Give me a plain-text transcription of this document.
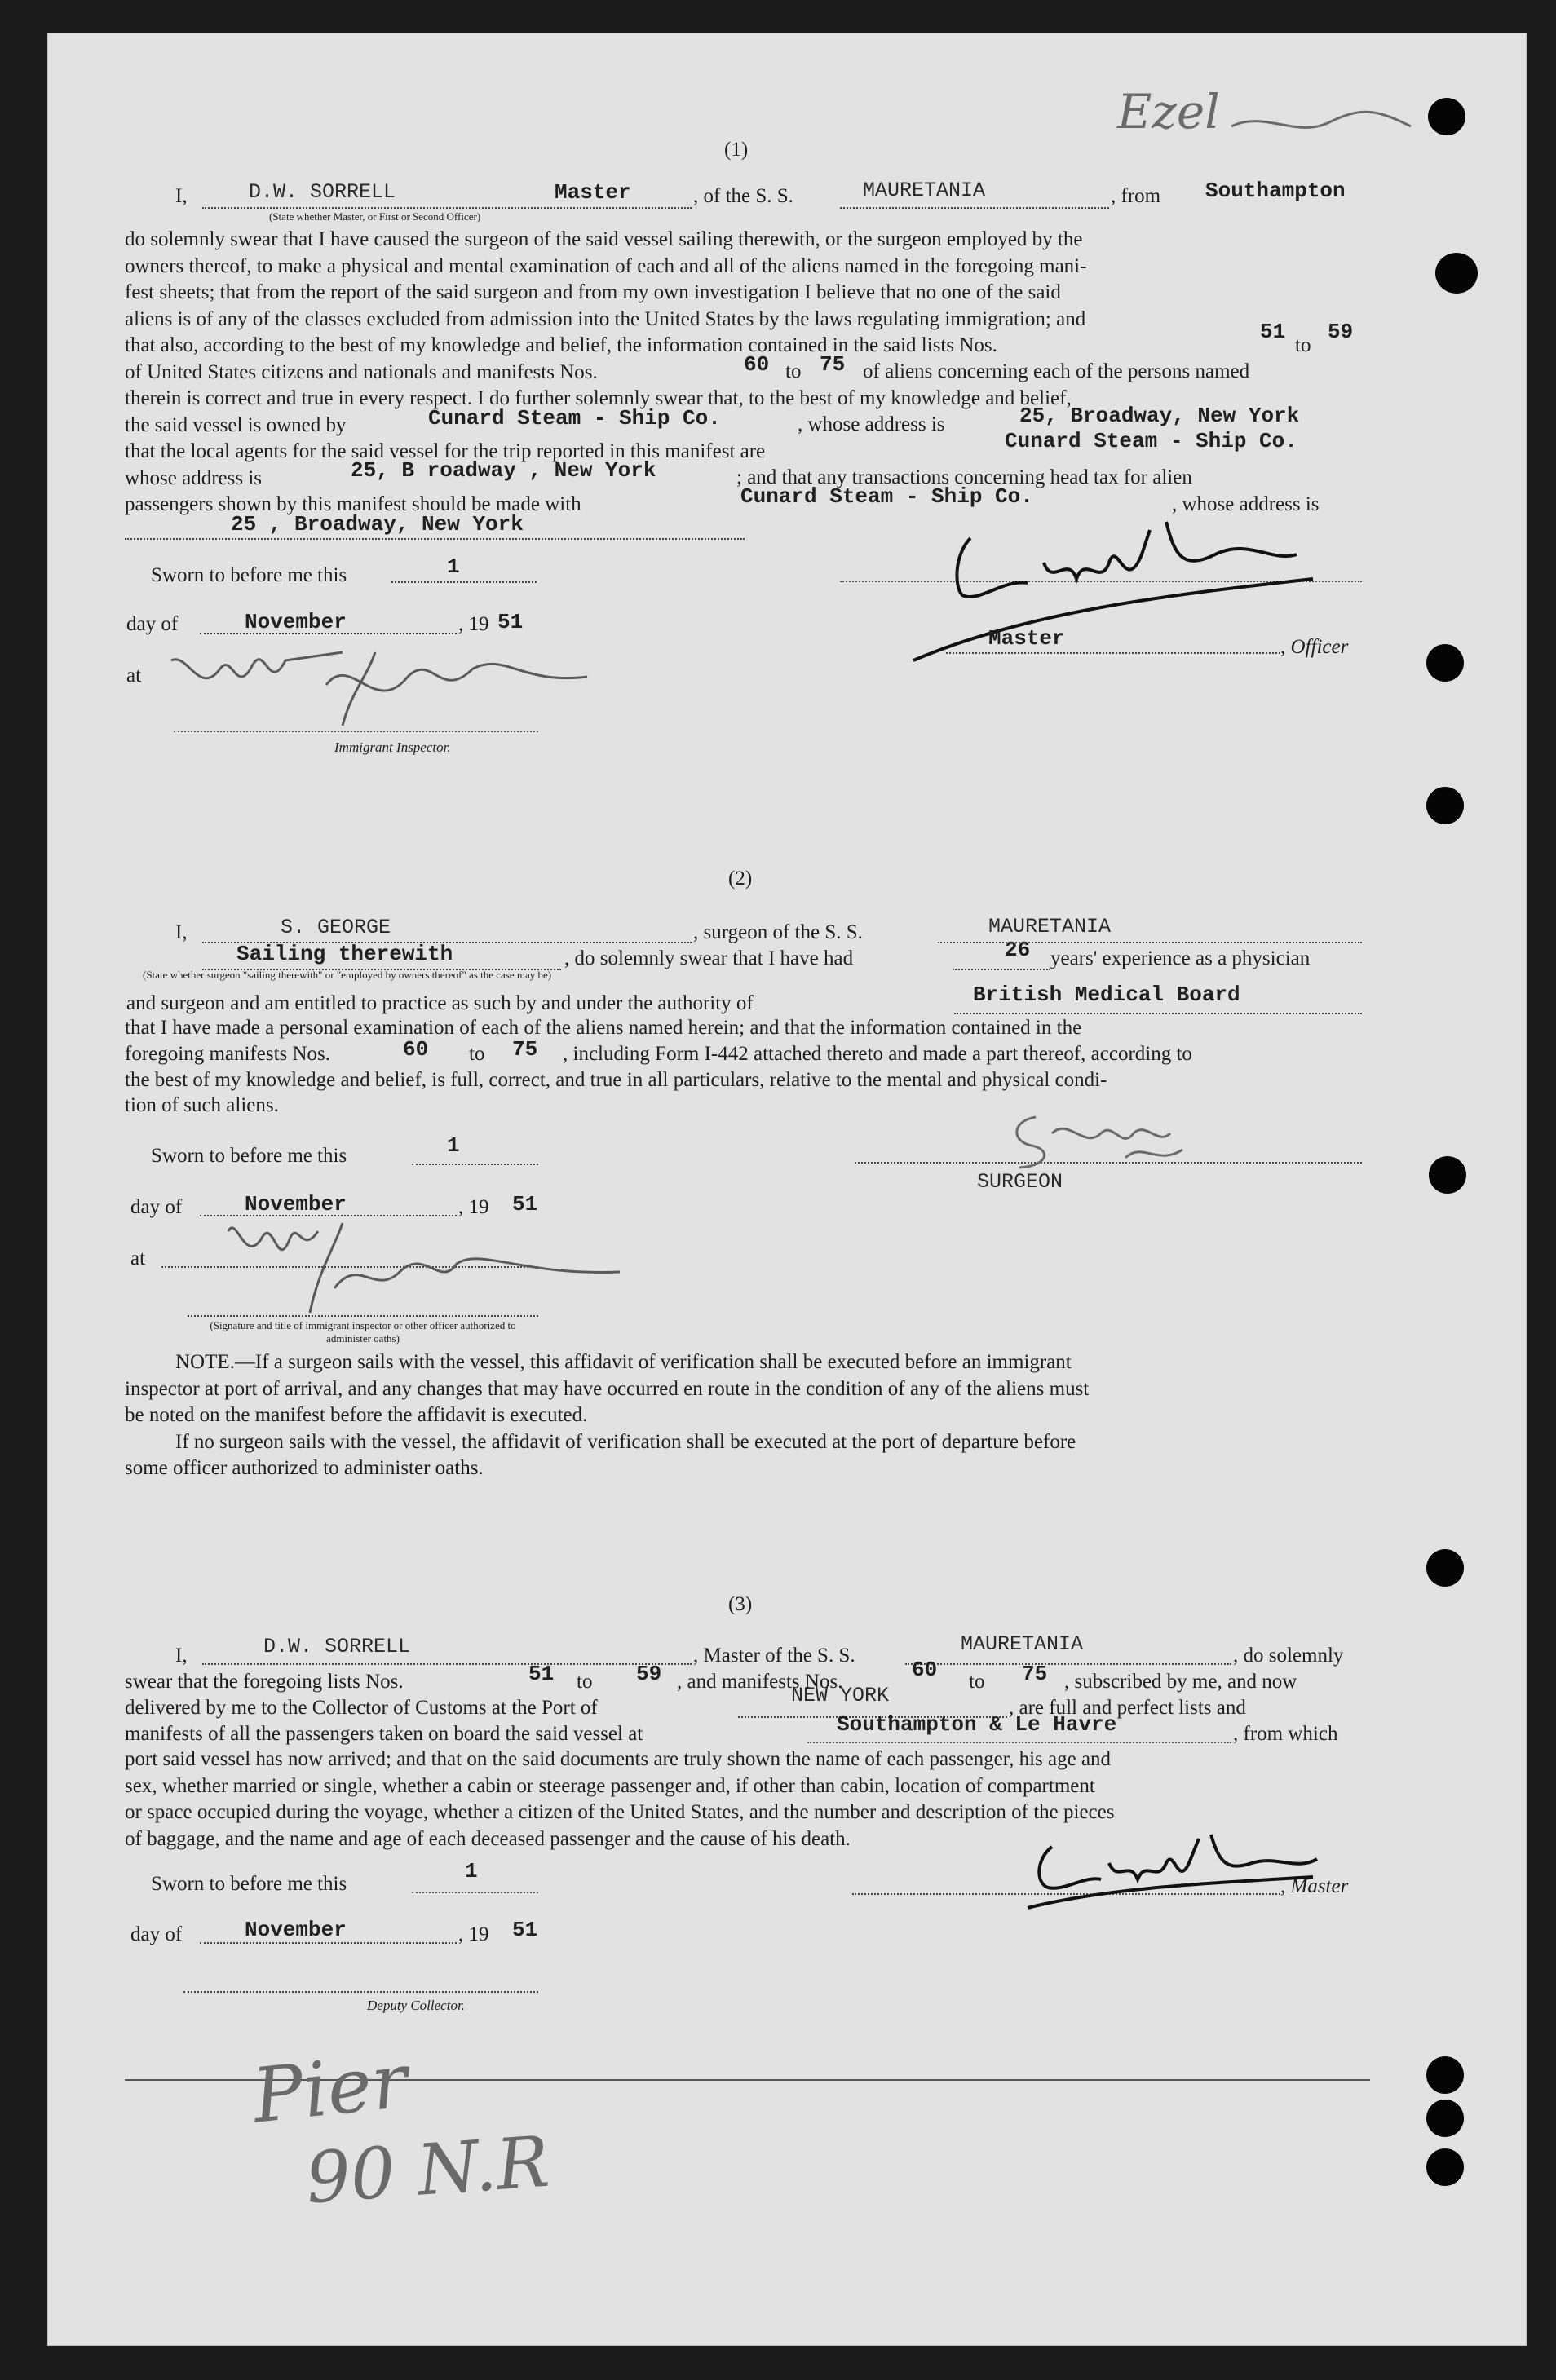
Ezel
(1)
I,	D.W. SORRELL	Master	, of the S. S.	MAURETANIA	, from Southampton
(State whether Master, or First or Second Officer)
do solemnly swear that I have caused the surgeon of the said vessel sailing therewith, or the surgeon employed by the
owners thereof, to make a physical and mental examination of each and all of the aliens named in the foregoing mani-
fest sheets; that from the report of the said surgeon and from my own investigation I believe that no one of the said
aliens is of any of the classes excluded from admission into the United States by the laws regulating immigration; and
that also, according to the best of my knowledge and belief, the information contained in the said lists Nos.
of United States citizens and nationals and manifests Nos.
therein is correct and true in every respect. I do further solemnly swear that, to the best of my knowledge and belief,
the said vessel is owned by
that the local agents for the said vessel for the trip reported in this manifest are
whose address is
passengers shown by this manifest should be made with
51
to
59
60 to 75 of aliens concerning each of the persons named
Cunard Steam - Ship Co.	, whose address is	25, Broadway, New York
Cunard Steam - Ship Co.
25, B roadway , New York	; and that any transactions concerning head tax for alien
Cunard Steam - Ship Co.	, whose address is
25 , Broadway, New York
Sworn to before me this	1
day of	November	, 19 51
at
Immigrant Inspector.
Master	, Officer
(2)
I,	S. GEORGE	, surgeon of the S. S.	MAURETANIA
Sailing therewith	, do solemnly swear that I have had	26 years' experience as a physician
(State whether surgeon "sailing therewith" or "employed by owners thereof" as the case may be)
and surgeon and am entitled to practice as such by and under the authority of	British Medical Board
that I have made a personal examination of each of the aliens named herein; and that the information contained in the
foregoing manifests Nos.	60 to 75 , including Form I-442 attached thereto and made a part thereof, according to
the best of my knowledge and belief, is full, correct, and true in all particulars, relative to the mental and physical condi-
tion of such aliens.
Sworn to before me this	1
day of	November	, 19 51
at
(Signature and title of immigrant inspector or other officer authorized to administer oaths)
SURGEON
NOTE.—If a surgeon sails with the vessel, this affidavit of verification shall be executed before an immigrant
inspector at port of arrival, and any changes that may have occurred en route in the condition of any of the aliens must
be noted on the manifest before the affidavit is executed.
If no surgeon sails with the vessel, the affidavit of verification shall be executed at the port of departure before
some officer authorized to administer oaths.
(3)
I,	D.W. SORRELL	, Master of the S. S.	MAURETANIA	, do solemnly
swear that the foregoing lists Nos.	51 to 59 , and manifests Nos.	60 to 75 , subscribed by me, and now
delivered by me to the Collector of Customs at the Port of
NEW YORK
, are full and perfect lists and
manifests of all the passengers taken on board the said vessel at	Southampton & Le Havre	, from which
port said vessel has now arrived; and that on the said documents are truly shown the name of each passenger, his age and
sex, whether married or single, whether a cabin or steerage passenger and, if other than cabin, location of compartment
or space occupied during the voyage, whether a citizen of the United States, and the number and description of the pieces
of baggage, and the name and age of each deceased passenger and the cause of his death.
Sworn to before me this
1
day of	November	, 19 51
Deputy Collector.
, Master
Pier
90 N.R
